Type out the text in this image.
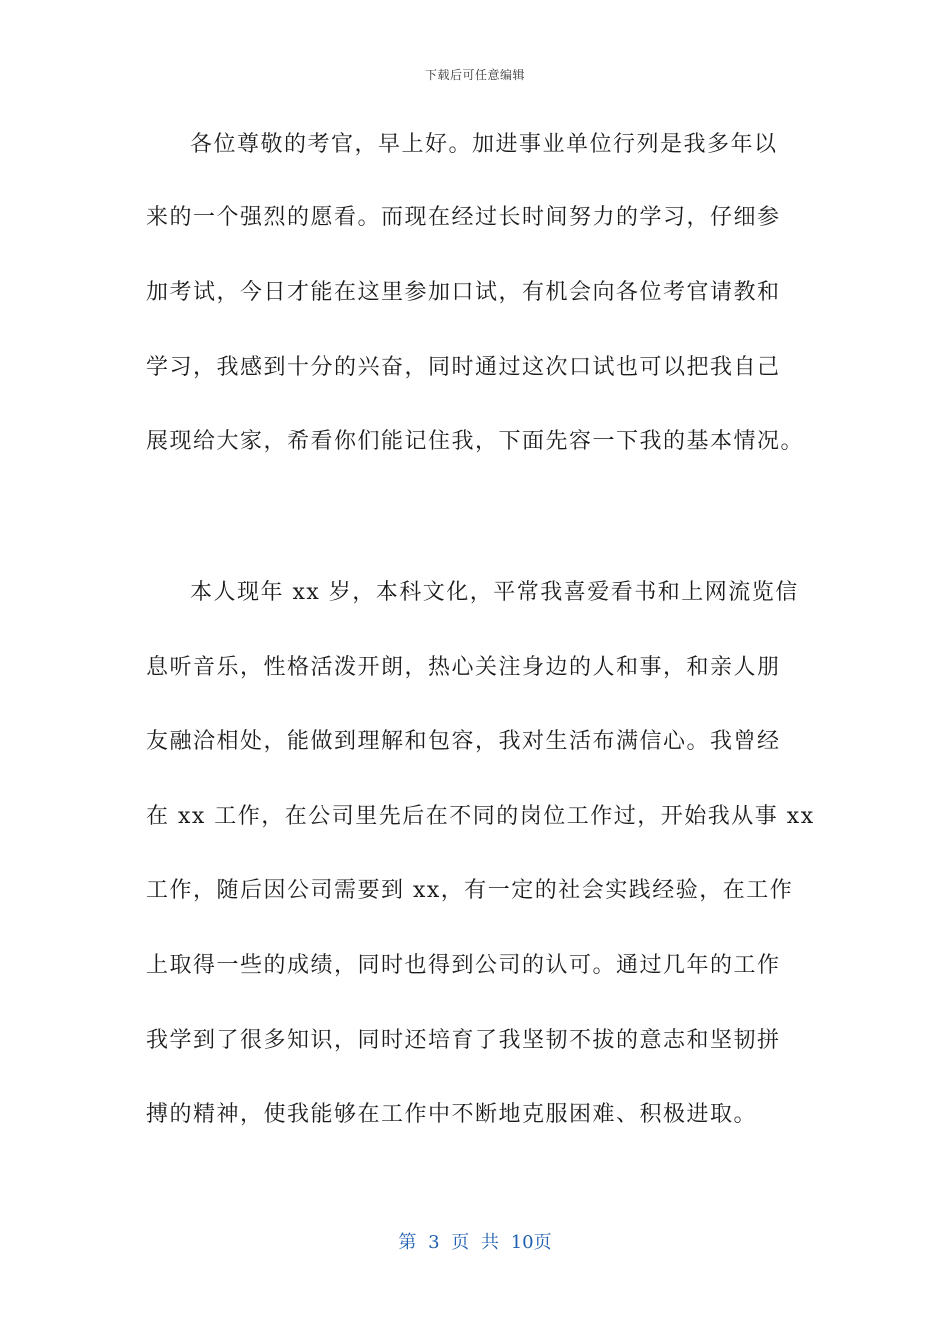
下载后可任意编辑
各位尊敬的考官，早上好。加进事业单位行列是我多年以
来的一个强烈的愿看。而现在经过长时间努力的学习，仔细参
加考试，今日才能在这里参加口试，有机会向各位考官请教和
学习，我感到十分的兴奋，同时通过这次口试也可以把我自己
展现给大家，希看你们能记住我，下面先容一下我的基本情况。
本人现年 xx 岁，本科文化，平常我喜爱看书和上网流览信
息听音乐，性格活泼开朗，热心关注身边的人和事，和亲人朋
友融洽相处，能做到理解和包容，我对生活布满信心。我曾经
在 xx 工作，在公司里先后在不同的岗位工作过，开始我从事 xx
工作，随后因公司需要到 xx，有一定的社会实践经验，在工作
上取得一些的成绩，同时也得到公司的认可。通过几年的工作
我学到了很多知识，同时还培育了我坚韧不拔的意志和坚韧拼
搏的精神，使我能够在工作中不断地克服困难、积极进取。
第 3 页 共 10页
